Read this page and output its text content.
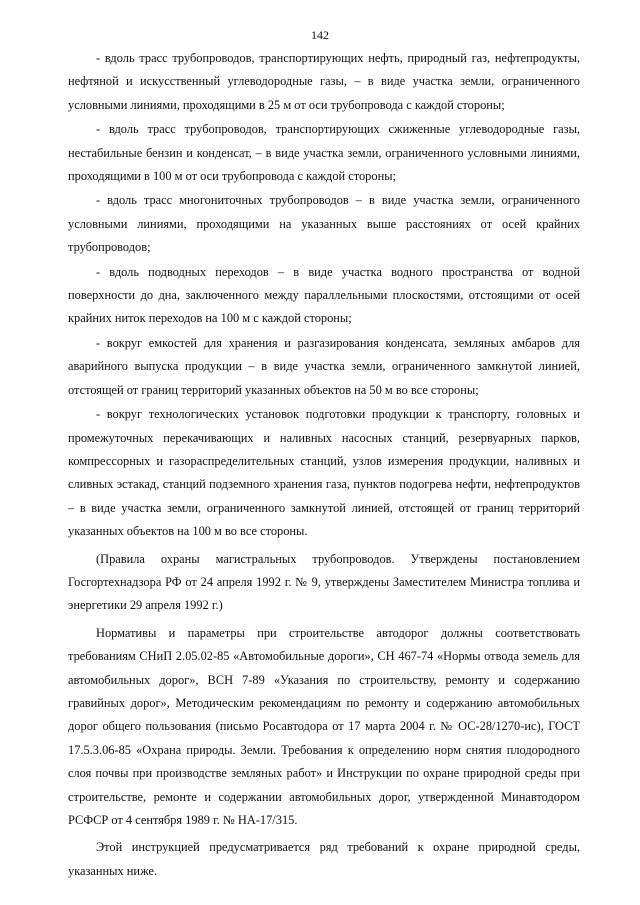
142

- вдоль трасс трубопроводов, транспортирующих нефть, природный газ, нефтепродукты, нефтяной и искусственный углеводородные газы, – в виде участка земли, ограниченного условными линиями, проходящими в 25 м от оси трубопровода с каждой стороны;

- вдоль трасс трубопроводов, транспортирующих сжиженные углеводородные газы, нестабильные бензин и конденсат, – в виде участка земли, ограниченного условными линиями, проходящими в 100 м от оси трубопровода с каждой стороны;

- вдоль трасс многониточных трубопроводов – в виде участка земли, ограниченного условными линиями, проходящими на указанных выше расстояниях от осей крайних трубопроводов;

- вдоль подводных переходов – в виде участка водного пространства от водной поверхности до дна, заключенного между параллельными плоскостями, отстоящими от осей крайних ниток переходов на 100 м с каждой стороны;

- вокруг емкостей для хранения и разгазирования конденсата, земляных амбаров для аварийного выпуска продукции – в виде участка земли, ограниченного замкнутой линией, отстоящей от границ территорий указанных объектов на 50 м во все стороны;

- вокруг технологических установок подготовки продукции к транспорту, головных и промежуточных перекачивающих и наливных насосных станций, резервуарных парков, компрессорных и газораспределительных станций, узлов измерения продукции, наливных и сливных эстакад, станций подземного хранения газа, пунктов подогрева нефти, нефтепродуктов – в виде участка земли, ограниченного замкнутой линией, отстоящей от границ территорий указанных объектов на 100 м во все стороны.

(Правила охраны магистральных трубопроводов. Утверждены постановлением Госгортехнадзора РФ от 24 апреля 1992 г. № 9, утверждены Заместителем Министра топлива и энергетики 29 апреля 1992 г.)

Нормативы и параметры при строительстве автодорог должны соответствовать требованиям СНиП 2.05.02-85 «Автомобильные дороги», СН 467-74 «Нормы отвода земель для автомобильных дорог», ВСН 7-89 «Указания по строительству, ремонту и содержанию гравийных дорог», Методическим рекомендациям по ремонту и содержанию автомобильных дорог общего пользования (письмо Росавтодора от 17 марта 2004 г. № ОС-28/1270-ис), ГОСТ 17.5.3.06-85 «Охрана природы. Земли. Требования к определению норм снятия плодородного слоя почвы при производстве земляных работ» и Инструкции по охране природной среды при строительстве, ремонте и содержании автомобильных дорог, утвержденной Минавтодором РСФСР от 4 сентября 1989 г. № НА-17/315.

Этой инструкцией предусматривается ряд требований к охране природной среды, указанных ниже.
